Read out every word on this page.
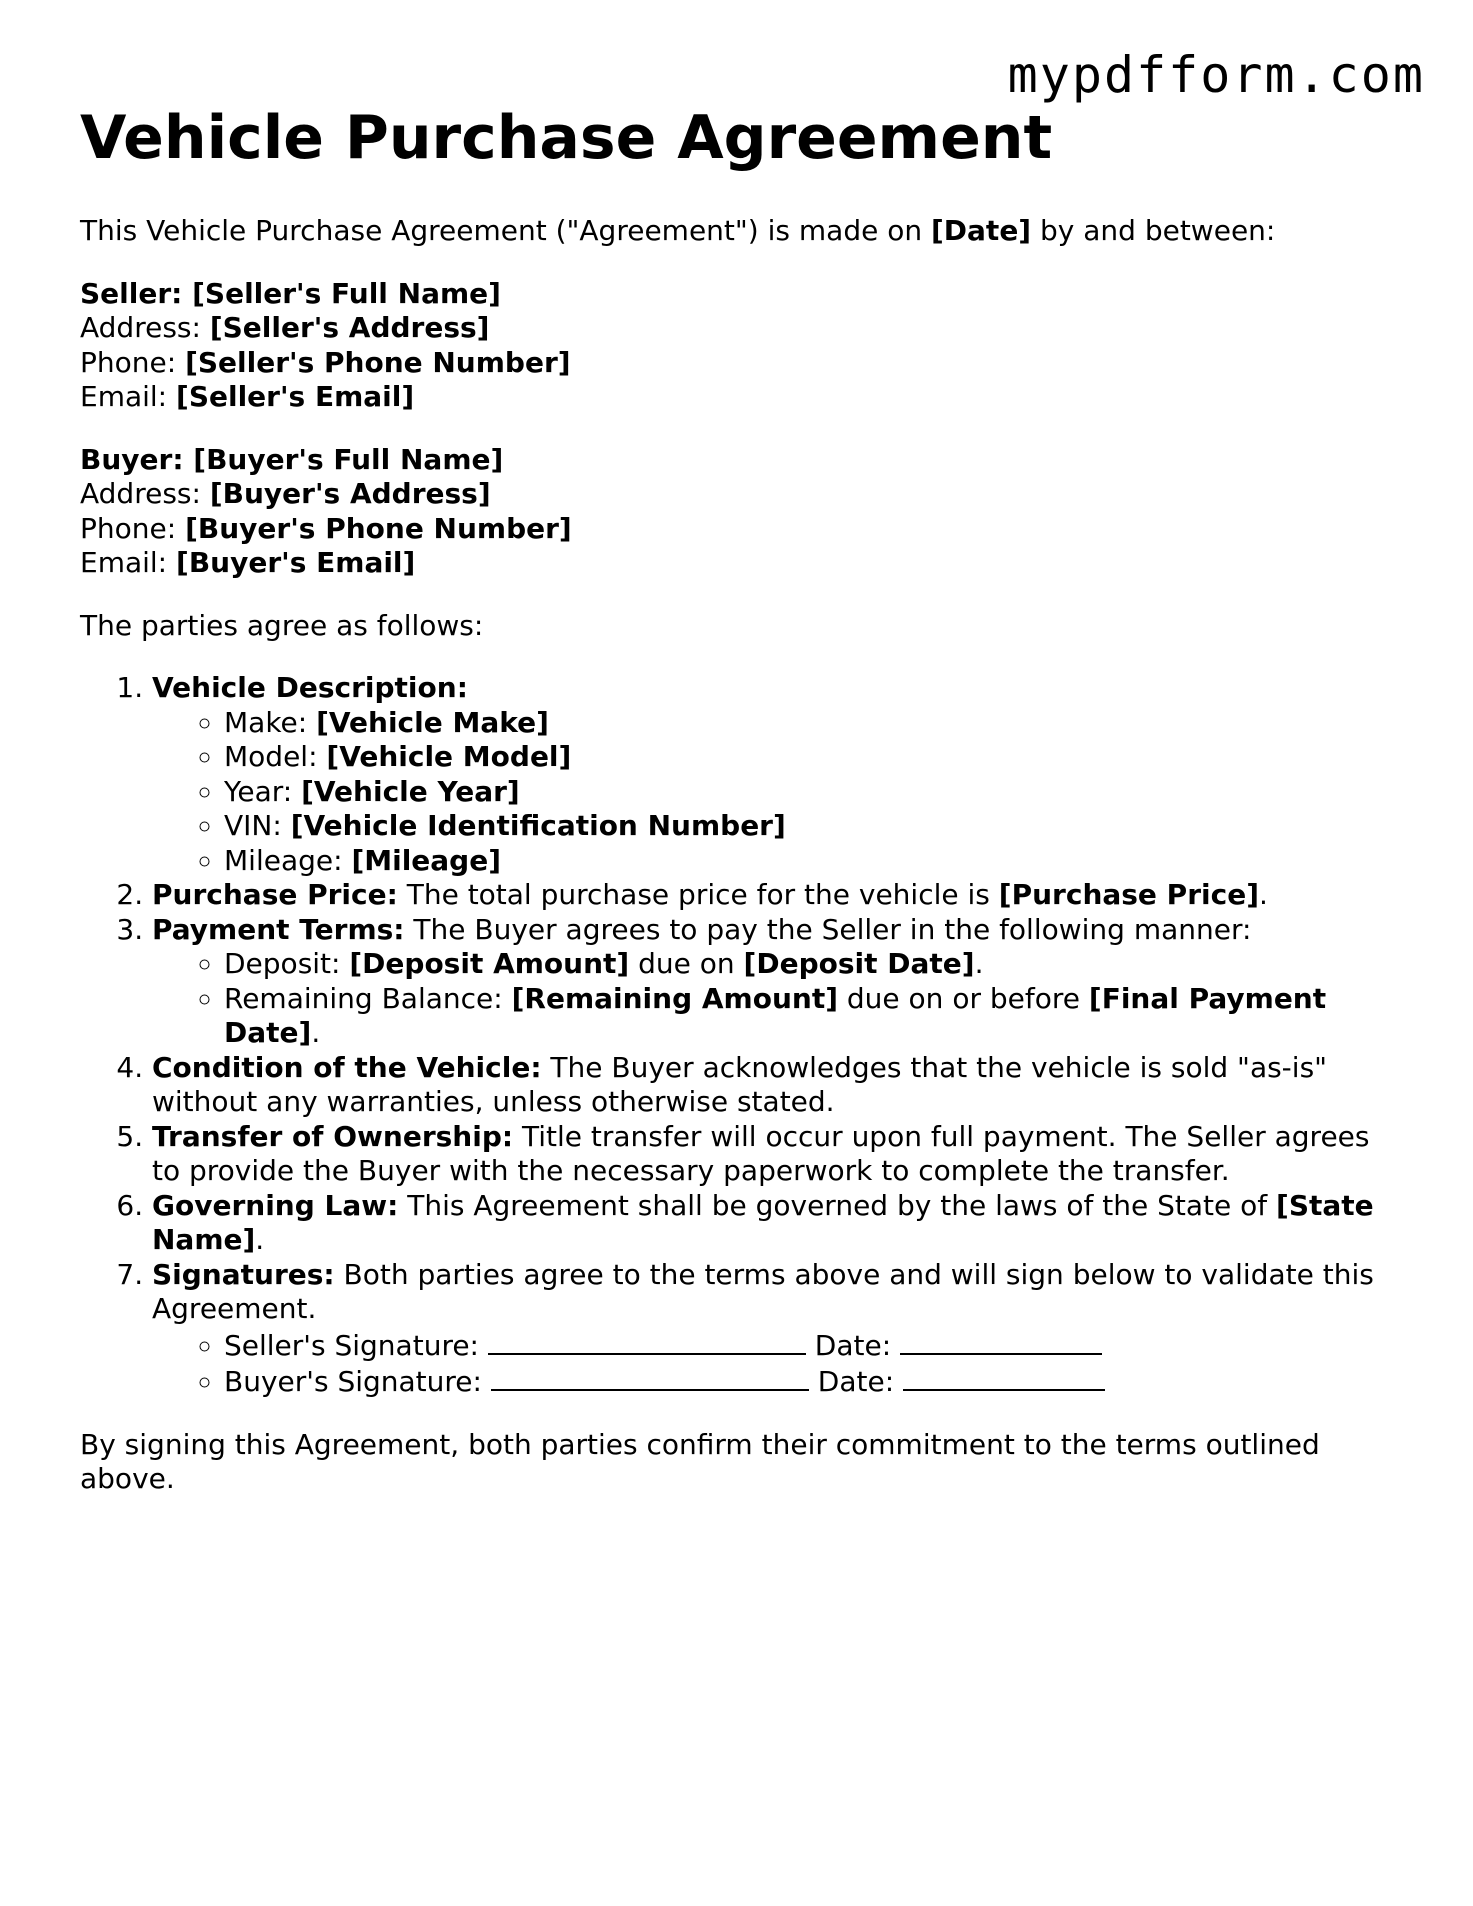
mypdfform.com
Vehicle Purchase Agreement

This Vehicle Purchase Agreement ("Agreement") is made on [Date] by and between:

Seller: [Seller's Full Name]
Address: [Seller's Address]
Phone: [Seller's Phone Number]
Email: [Seller's Email]
Buyer: [Buyer's Full Name]
Address: [Buyer's Address]
Phone: [Buyer's Phone Number]
Email: [Buyer's Email]

The parties agree as follows:

1. Vehicle Description:
◦ Make: [Vehicle Make]
◦ Model: [Vehicle Model]
◦ Year: [Vehicle Year]
◦ VIN: [Vehicle Identification Number]
◦ Mileage: [Mileage]
2. Purchase Price: The total purchase price for the vehicle is [Purchase Price].
3. Payment Terms: The Buyer agrees to pay the Seller in the following manner:
◦ Deposit: [Deposit Amount] due on [Deposit Date].
◦ Remaining Balance: [Remaining Amount] due on or before [Final Payment Date].
4. Condition of the Vehicle: The Buyer acknowledges that the vehicle is sold "as-is" without any warranties, unless otherwise stated.
5. Transfer of Ownership: Title transfer will occur upon full payment. The Seller agrees to provide the Buyer with the necessary paperwork to complete the transfer.
6. Governing Law: This Agreement shall be governed by the laws of the State of [State Name].
7. Signatures: Both parties agree to the terms above and will sign below to validate this Agreement.
◦ Seller's Signature:	Date:
◦ Buyer's Signature:	Date:

By signing this Agreement, both parties confirm their commitment to the terms outlined above.
